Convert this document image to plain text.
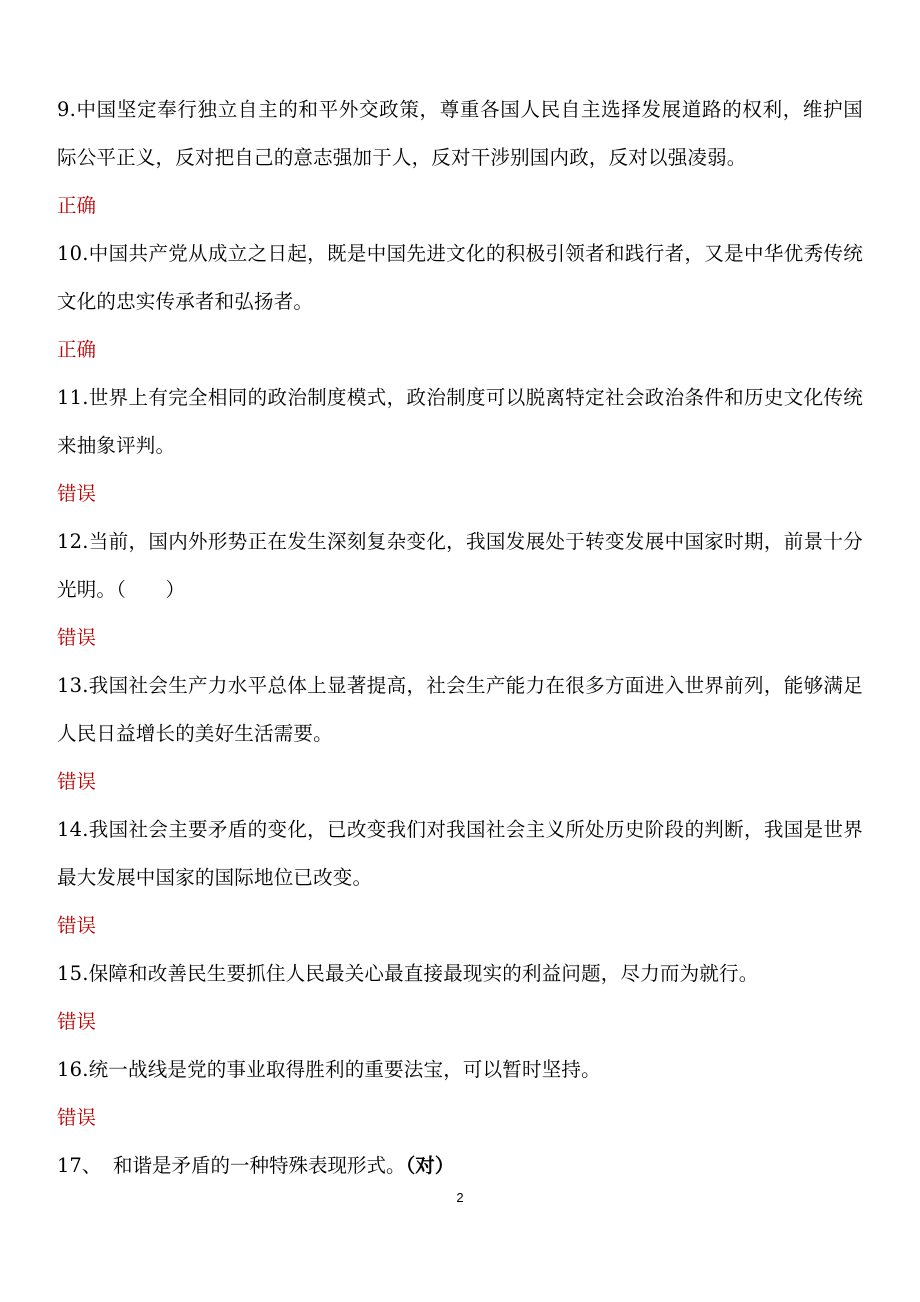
9.中国坚定奉行独立自主的和平外交政策，尊重各国人民自主选择发展道路的权利，维护国际公平正义，反对把自己的意志强加于人，反对干涉别国内政，反对以强凌弱。

正确

10.中国共产党从成立之日起，既是中国先进文化的积极引领者和践行者，又是中华优秀传统文化的忠实传承者和弘扬者。

正确

11.世界上有完全相同的政治制度模式，政治制度可以脱离特定社会政治条件和历史文化传统来抽象评判。

错误

12.当前，国内外形势正在发生深刻复杂变化，我国发展处于转变发展中国家时期，前景十分光明。（　　）

错误

13.我国社会生产力水平总体上显著提高，社会生产能力在很多方面进入世界前列，能够满足人民日益增长的美好生活需要。

错误

14.我国社会主要矛盾的变化，已改变我们对我国社会主义所处历史阶段的判断，我国是世界最大发展中国家的国际地位已改变。

错误

15.保障和改善民生要抓住人民最关心最直接最现实的利益问题，尽力而为就行。

错误

16.统一战线是党的事业取得胜利的重要法宝，可以暂时坚持。

错误

17、 和谐是矛盾的一种特殊表现形式。（对）

2
